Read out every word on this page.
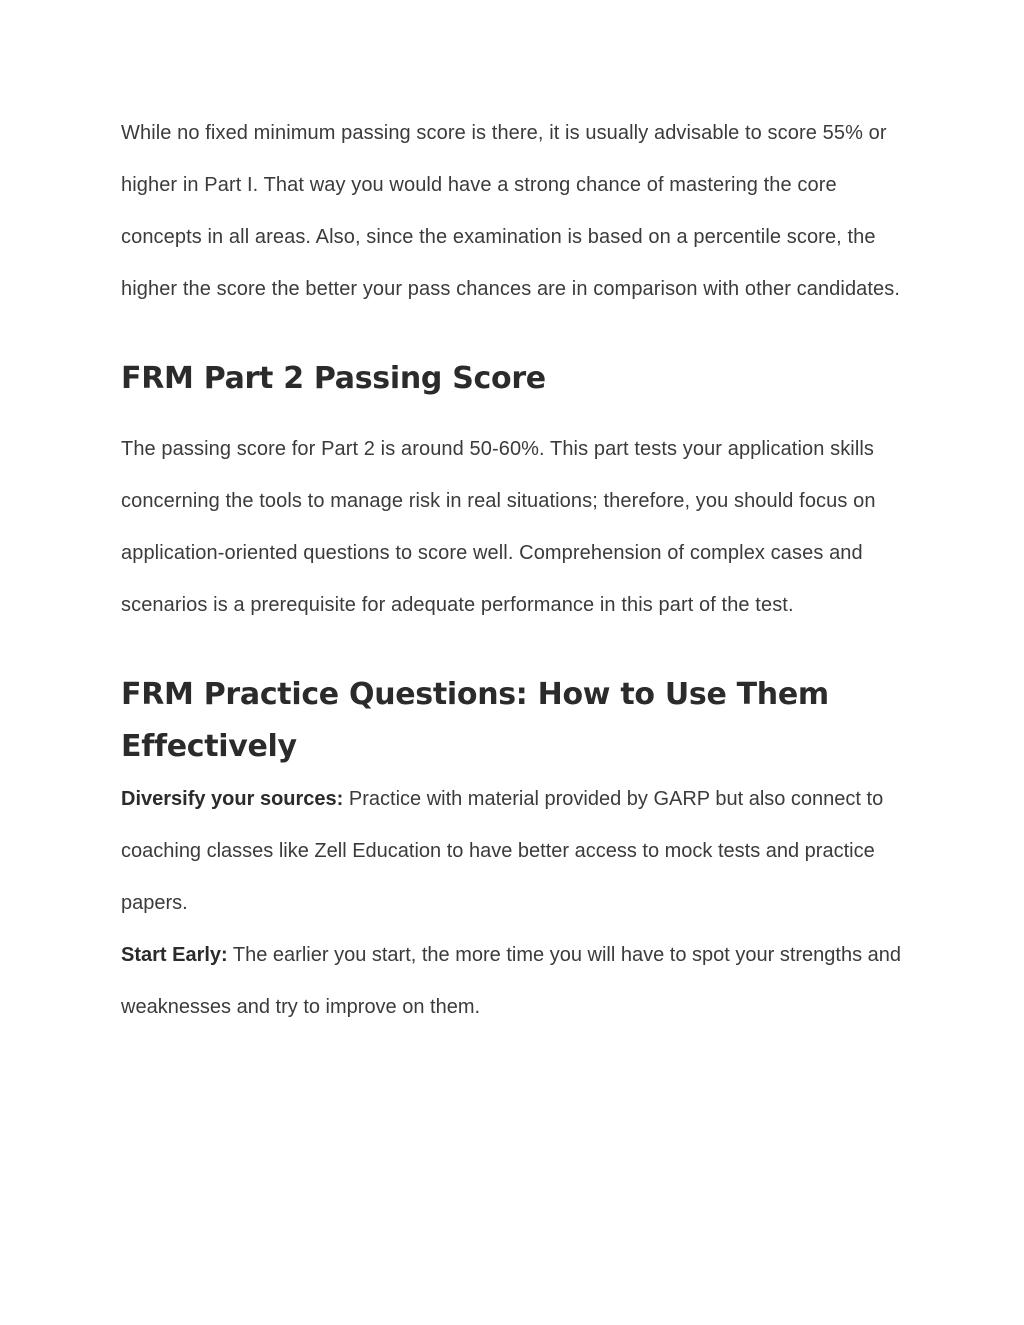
While no fixed minimum passing score is there, it is usually advisable to score 55% or higher in Part I. That way you would have a strong chance of mastering the core concepts in all areas. Also, since the examination is based on a percentile score, the higher the score the better your pass chances are in comparison with other candidates.

FRM Part 2 Passing Score

The passing score for Part 2 is around 50-60%. This part tests your application skills concerning the tools to manage risk in real situations; therefore, you should focus on application-oriented questions to score well. Comprehension of complex cases and scenarios is a prerequisite for adequate performance in this part of the test.

FRM Practice Questions: How to Use Them Effectively

Diversify your sources: Practice with material provided by GARP but also connect to coaching classes like Zell Education to have better access to mock tests and practice papers.

Start Early: The earlier you start, the more time you will have to spot your strengths and weaknesses and try to improve on them.
